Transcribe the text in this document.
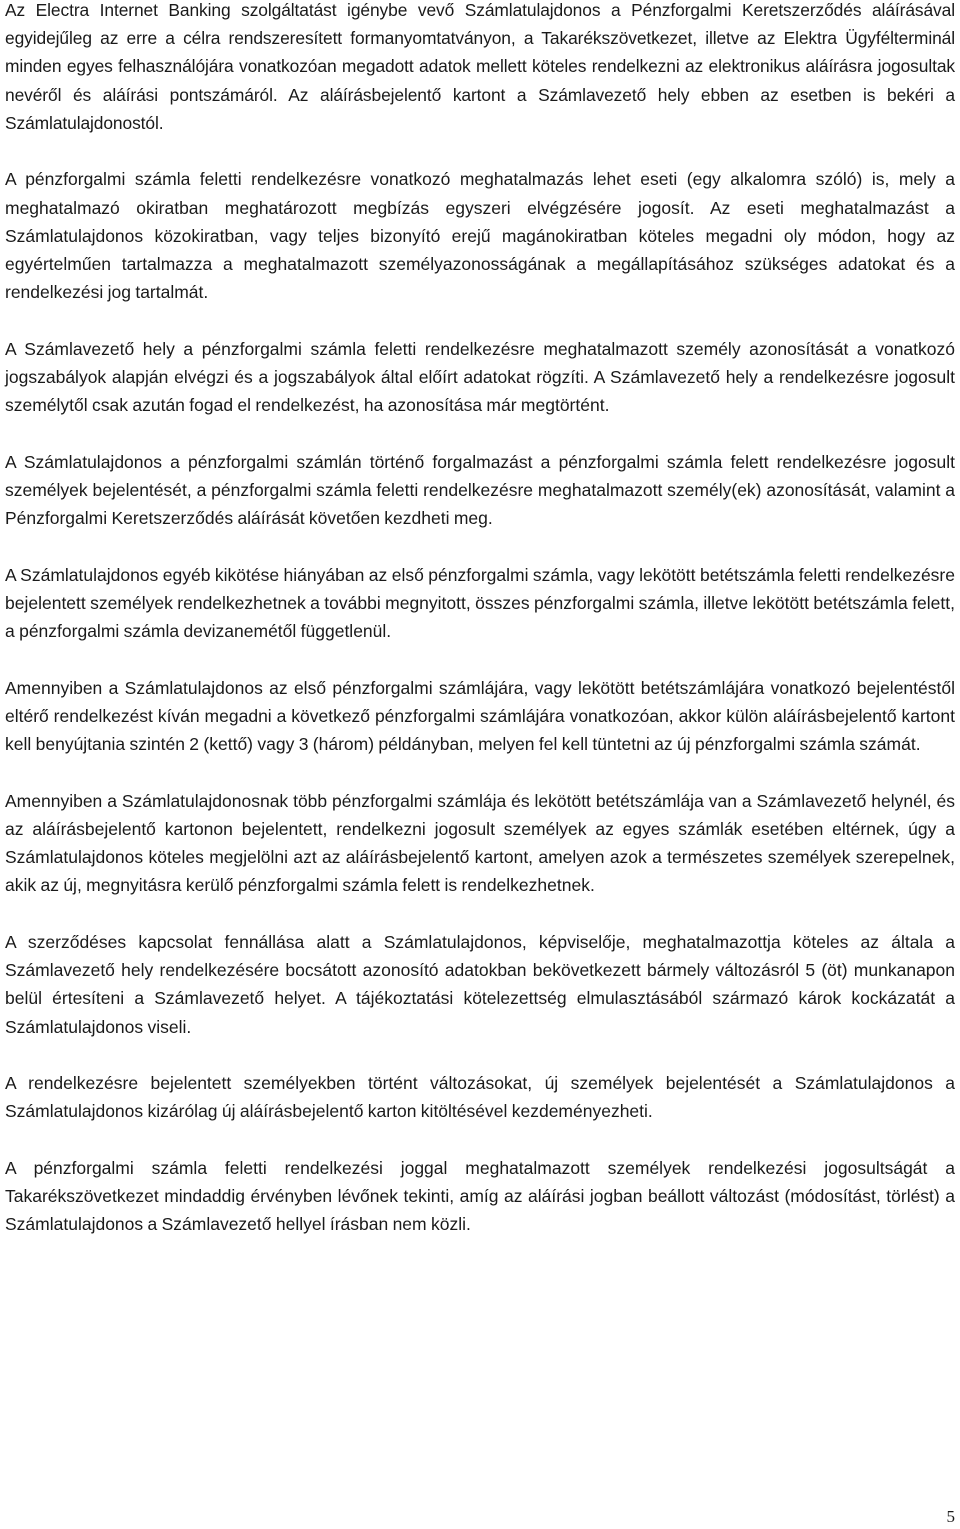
Az Electra Internet Banking szolgáltatást igénybe vevő Számlatulajdonos a Pénzforgalmi Keretszerződés aláírásával egyidejűleg az erre a célra rendszeresített formanyomtatványon, a Takarékszövetkezet, illetve az Elektra Ügyfélterminál minden egyes felhasználójára vonatkozóan megadott adatok mellett köteles rendelkezni az elektronikus aláírásra jogosultak nevéről és aláírási pontszámáról. Az aláírásbejelentő kartont a Számlavezető hely ebben az esetben is bekéri a Számlatulajdonostól.

A pénzforgalmi számla feletti rendelkezésre vonatkozó meghatalmazás lehet eseti (egy alkalomra szóló) is, mely a meghatalmazó okiratban meghatározott megbízás egyszeri elvégzésére jogosít. Az eseti meghatalmazást a Számlatulajdonos közokiratban, vagy teljes bizonyító erejű magánokiratban köteles megadni oly módon, hogy az egyértelműen tartalmazza a meghatalmazott személyazonosságának a megállapításához szükséges adatokat és a rendelkezési jog tartalmát.

A Számlavezető hely a pénzforgalmi számla feletti rendelkezésre meghatalmazott személy azonosítását a vonatkozó jogszabályok alapján elvégzi és a jogszabályok által előírt adatokat rögzíti. A Számlavezető hely a rendelkezésre jogosult személytől csak azután fogad el rendelkezést, ha azonosítása már megtörtént.

A Számlatulajdonos a pénzforgalmi számlán történő forgalmazást a pénzforgalmi számla felett rendelkezésre jogosult személyek bejelentését, a pénzforgalmi számla feletti rendelkezésre meghatalmazott személy(ek) azonosítását, valamint a Pénzforgalmi Keretszerződés aláírását követően kezdheti meg.

A Számlatulajdonos egyéb kikötése hiányában az első pénzforgalmi számla, vagy lekötött betétszámla feletti rendelkezésre bejelentett személyek rendelkezhetnek a további megnyitott, összes pénzforgalmi számla, illetve lekötött betétszámla felett, a pénzforgalmi számla devizanemétől függetlenül.

Amennyiben a Számlatulajdonos az első pénzforgalmi számlájára, vagy lekötött betétszámlájára vonatkozó bejelentéstől eltérő rendelkezést kíván megadni a következő pénzforgalmi számlájára vonatkozóan, akkor külön aláírásbejelentő kartont kell benyújtania szintén 2 (kettő) vagy 3 (három) példányban, melyen fel kell tüntetni az új pénzforgalmi számla számát.

Amennyiben a Számlatulajdonosnak több pénzforgalmi számlája és lekötött betétszámlája van a Számlavezető helynél, és az aláírásbejelentő kartonon bejelentett, rendelkezni jogosult személyek az egyes számlák esetében eltérnek, úgy a Számlatulajdonos köteles megjelölni azt az aláírásbejelentő kartont, amelyen azok a természetes személyek szerepelnek, akik az új, megnyitásra kerülő pénzforgalmi számla felett is rendelkezhetnek.

A szerződéses kapcsolat fennállása alatt a Számlatulajdonos, képviselője, meghatalmazottja köteles az általa a Számlavezető hely rendelkezésére bocsátott azonosító adatokban bekövetkezett bármely változásról 5 (öt) munkanapon belül értesíteni a Számlavezető helyet. A tájékoztatási kötelezettség elmulasztásából származó károk kockázatát a Számlatulajdonos viseli.

A rendelkezésre bejelentett személyekben történt változásokat, új személyek bejelentését a Számlatulajdonos a Számlatulajdonos kizárólag új aláírásbejelentő karton kitöltésével kezdeményezheti.

A pénzforgalmi számla feletti rendelkezési joggal meghatalmazott személyek rendelkezési jogosultságát a Takarékszövetkezet mindaddig érvényben lévőnek tekinti, amíg az aláírási jogban beállott változást (módosítást, törlést) a Számlatulajdonos a Számlavezető hellyel írásban nem közli.

5
